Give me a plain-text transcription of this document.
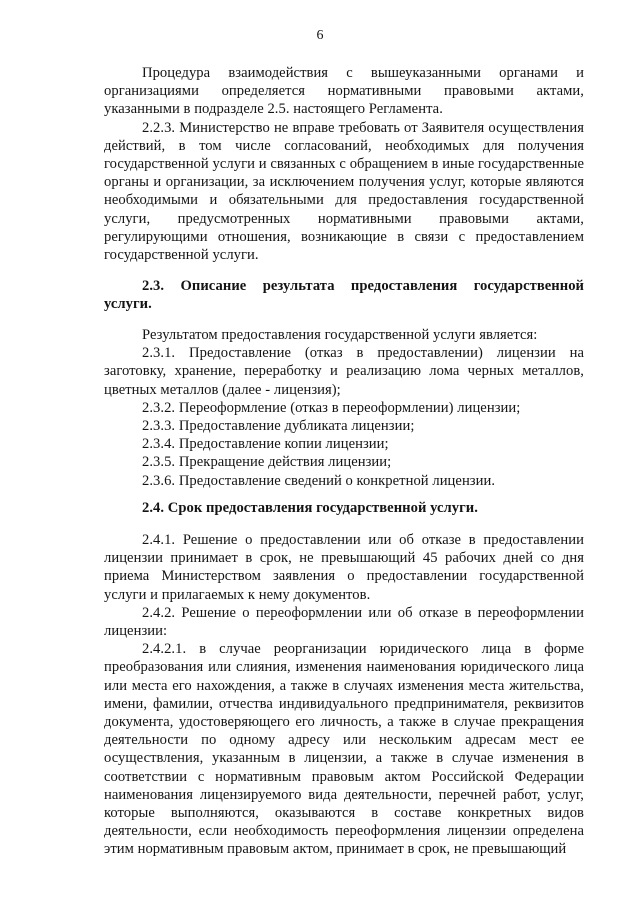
6

Процедура взаимодействия с вышеуказанными органами и организациями определяется нормативными правовыми актами, указанными в подразделе 2.5. настоящего Регламента.

2.2.3. Министерство не вправе требовать от Заявителя осуществления действий, в том числе согласований, необходимых для получения государственной услуги и связанных с обращением в иные государственные органы и организации, за исключением получения услуг, которые являются необходимыми и обязательными для предоставления государственной услуги, предусмотренных нормативными правовыми актами, регулирующими отношения, возникающие в связи с предоставлением государственной услуги.

2.3. Описание результата предоставления государственной услуги.

Результатом предоставления государственной услуги является:

2.3.1. Предоставление (отказ в предоставлении) лицензии на заготовку, хранение, переработку и реализацию лома черных металлов, цветных металлов (далее - лицензия);

2.3.2. Переоформление (отказ в переоформлении) лицензии;

2.3.3. Предоставление дубликата лицензии;

2.3.4. Предоставление копии лицензии;

2.3.5. Прекращение действия лицензии;

2.3.6. Предоставление сведений о конкретной лицензии.

2.4. Срок предоставления государственной услуги.

2.4.1. Решение о предоставлении или об отказе в предоставлении лицензии принимает в срок, не превышающий 45 рабочих дней со дня приема Министерством заявления о предоставлении государственной услуги и прилагаемых к нему документов.

2.4.2. Решение о переоформлении или об отказе в переоформлении лицензии:

2.4.2.1. в случае реорганизации юридического лица в форме преобразования или слияния, изменения наименования юридического лица или места его нахождения, а также в случаях изменения места жительства, имени, фамилии, отчества индивидуального предпринимателя, реквизитов документа, удостоверяющего его личность, а также в случае прекращения деятельности по одному адресу или нескольким адресам мест ее осуществления, указанным в лицензии, а также в случае изменения в соответствии с нормативным правовым актом Российской Федерации наименования лицензируемого вида деятельности, перечней работ, услуг, которые выполняются, оказываются в составе конкретных видов деятельности, если необходимость переоформления лицензии определена этим нормативным правовым актом, принимает в срок, не превышающий
